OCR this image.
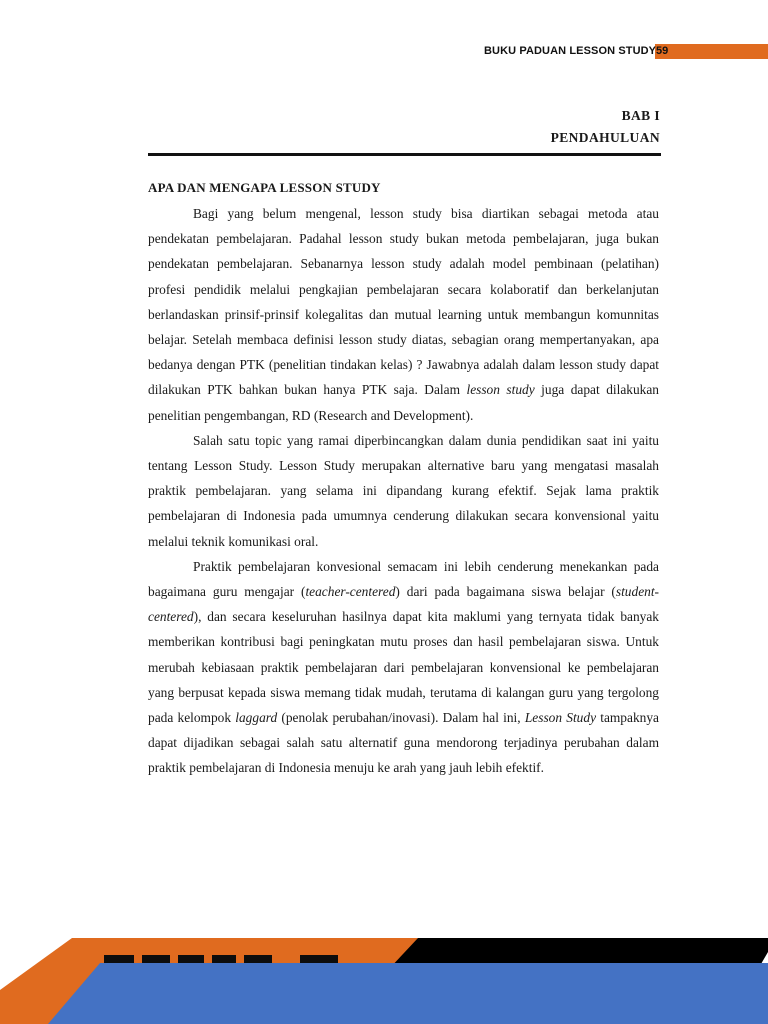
BUKU PADUAN LESSON STUDY 59
BAB I
PENDAHULUAN
APA DAN MENGAPA LESSON STUDY

Bagi yang belum mengenal, lesson study bisa diartikan sebagai metoda atau pendekatan pembelajaran. Padahal lesson study bukan metoda pembelajaran, juga bukan pendekatan pembelajaran. Sebanarnya lesson study adalah model pembinaan (pelatihan) profesi pendidik melalui pengkajian pembelajaran secara kolaboratif dan berkelanjutan berlandaskan prinsif-prinsif kolegalitas dan mutual learning untuk membangun komunnitas belajar. Setelah membaca definisi lesson study diatas, sebagian orang mempertanyakan, apa bedanya dengan PTK (penelitian tindakan kelas) ? Jawabnya adalah dalam lesson study dapat dilakukan PTK bahkan bukan hanya PTK saja. Dalam lesson study juga dapat dilakukan penelitian pengembangan, RD (Research and Development).

Salah satu topic yang ramai diperbincangkan dalam dunia pendidikan saat ini yaitu tentang Lesson Study. Lesson Study merupakan alternative baru yang mengatasi masalah praktik pembelajaran. yang selama ini dipandang kurang efektif. Sejak lama praktik pembelajaran di Indonesia pada umumnya cenderung dilakukan secara konvensional yaitu melalui teknik komunikasi oral.

Praktik pembelajaran konvesional semacam ini lebih cenderung menekankan pada bagaimana guru mengajar (teacher-centered) dari pada bagaimana siswa belajar (student-centered), dan secara keseluruhan hasilnya dapat kita maklumi yang ternyata tidak banyak memberikan kontribusi bagi peningkatan mutu proses dan hasil pembelajaran siswa. Untuk merubah kebiasaan praktik pembelajaran dari pembelajaran konvensional ke pembelajaran yang berpusat kepada siswa memang tidak mudah, terutama di kalangan guru yang tergolong pada kelompok laggard (penolak perubahan/inovasi). Dalam hal ini, Lesson Study tampaknya dapat dijadikan sebagai salah satu alternatif guna mendorong terjadinya perubahan dalam praktik pembelajaran di Indonesia menuju ke arah yang jauh lebih efektif.
